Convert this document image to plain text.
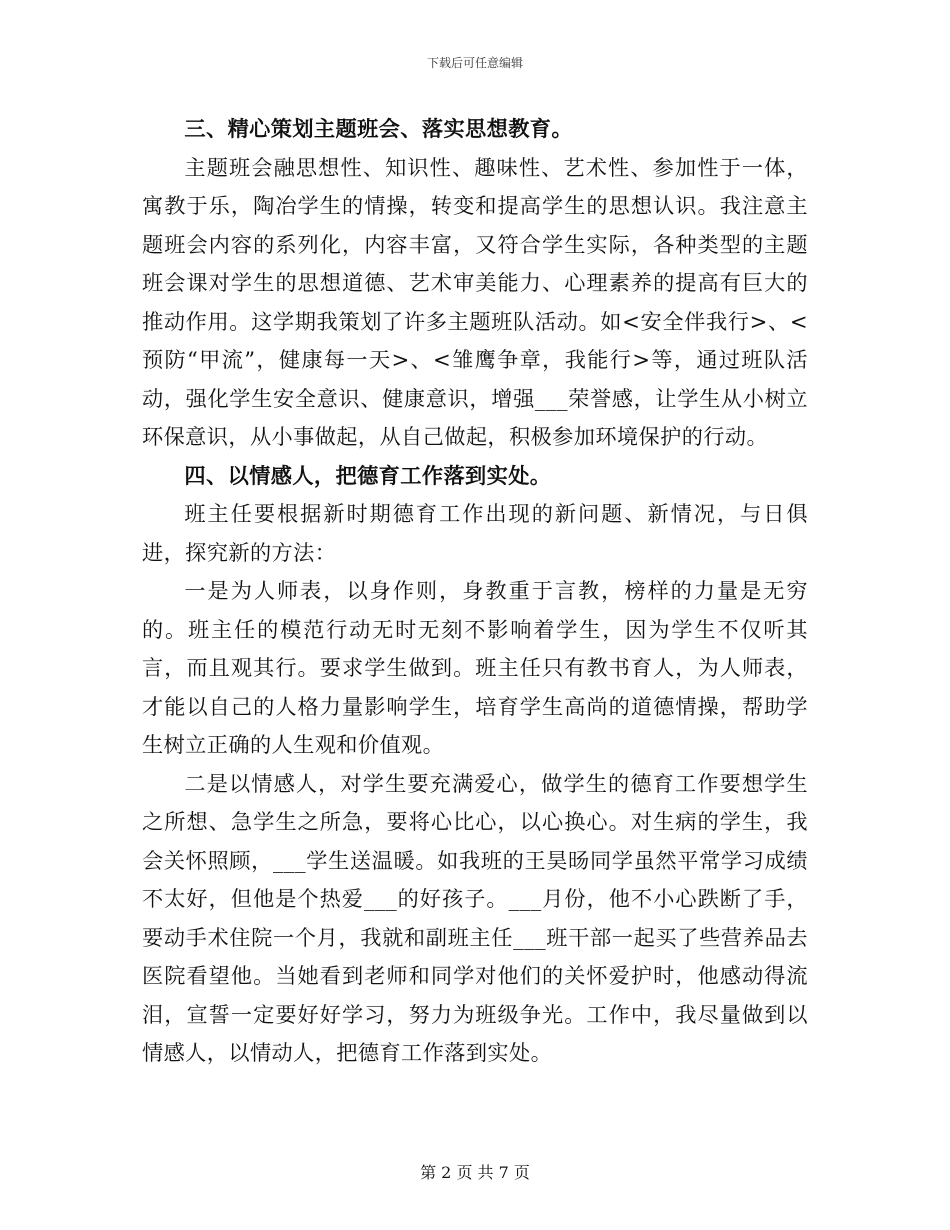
下载后可任意编辑

三、精心策划主题班会、落实思想教育。

主题班会融思想性、知识性、趣味性、艺术性、参加性于一体，寓教于乐，陶冶学生的情操，转变和提高学生的思想认识。我注意主题班会内容的系列化，内容丰富，又符合学生实际，各种类型的主题班会课对学生的思想道德、艺术审美能力、心理素养的提高有巨大的推动作用。这学期我策划了许多主题班队活动。如<安全伴我行>、<预防“甲流”，健康每一天>、<雏鹰争章，我能行>等，通过班队活动，强化学生安全意识、健康意识，增强___荣誉感，让学生从小树立环保意识，从小事做起，从自己做起，积极参加环境保护的行动。

四、以情感人，把德育工作落到实处。

班主任要根据新时期德育工作出现的新问题、新情况，与日俱进，探究新的方法：

一是为人师表，以身作则，身教重于言教，榜样的力量是无穷的。班主任的模范行动无时无刻不影响着学生，因为学生不仅听其言，而且观其行。要求学生做到。班主任只有教书育人，为人师表，才能以自己的人格力量影响学生，培育学生高尚的道德情操，帮助学生树立正确的人生观和价值观。

二是以情感人，对学生要充满爱心，做学生的德育工作要想学生之所想、急学生之所急，要将心比心，以心换心。对生病的学生，我会关怀照顾，___学生送温暖。如我班的王昊旸同学虽然平常学习成绩不太好，但他是个热爱___的好孩子。___月份，他不小心跌断了手，要动手术住院一个月，我就和副班主任___班干部一起买了些营养品去医院看望他。当她看到老师和同学对他们的关怀爱护时，他感动得流泪，宣誓一定要好好学习，努力为班级争光。工作中，我尽量做到以情感人，以情动人，把德育工作落到实处。

第 2 页 共 7 页
